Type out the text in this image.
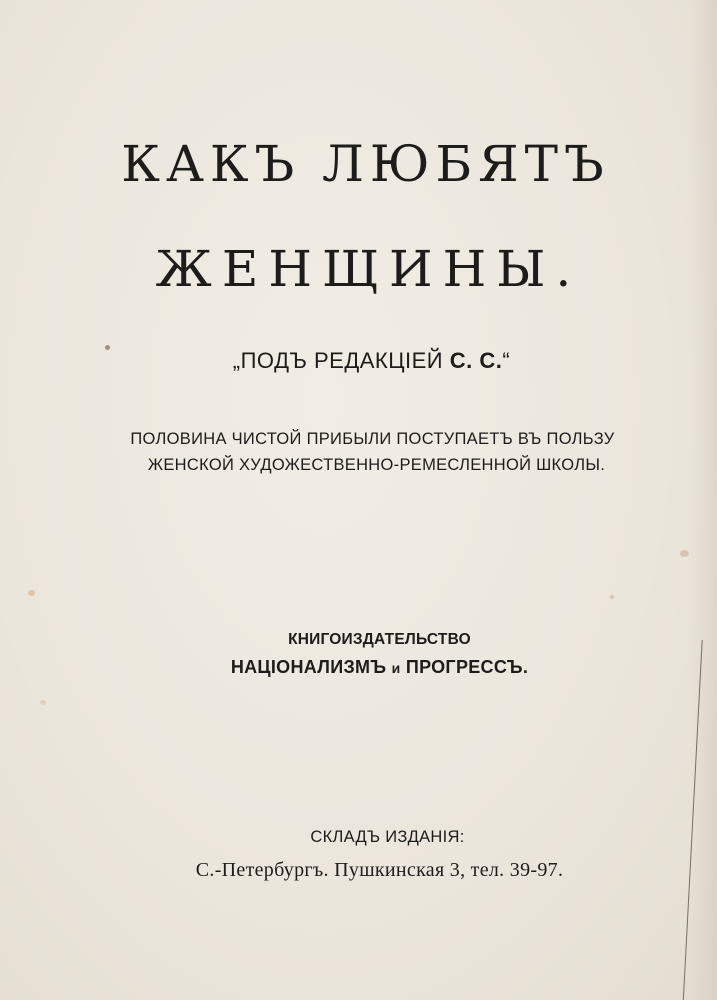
КАКЪ ЛЮБЯТЪ
ЖЕНЩИНЫ.
„ПОДЪ РЕДАКЦІЕЙ С. С.“
ПОЛОВИНА ЧИСТОЙ ПРИБЫЛИ ПОСТУПАЕТЪ ВЪ ПОЛЬЗУ
ЖЕНСКОЙ ХУДОЖЕСТВЕННО-РЕМЕСЛЕННОЙ ШКОЛЫ.
КНИГОИЗДАТЕЛЬСТВО
НАЦІОНАЛИЗМЪ и ПРОГРЕССЪ.
СКЛАДЪ ИЗДАНІЯ:
С.-Петербургъ. Пушкинская 3, тел. 39-97.
